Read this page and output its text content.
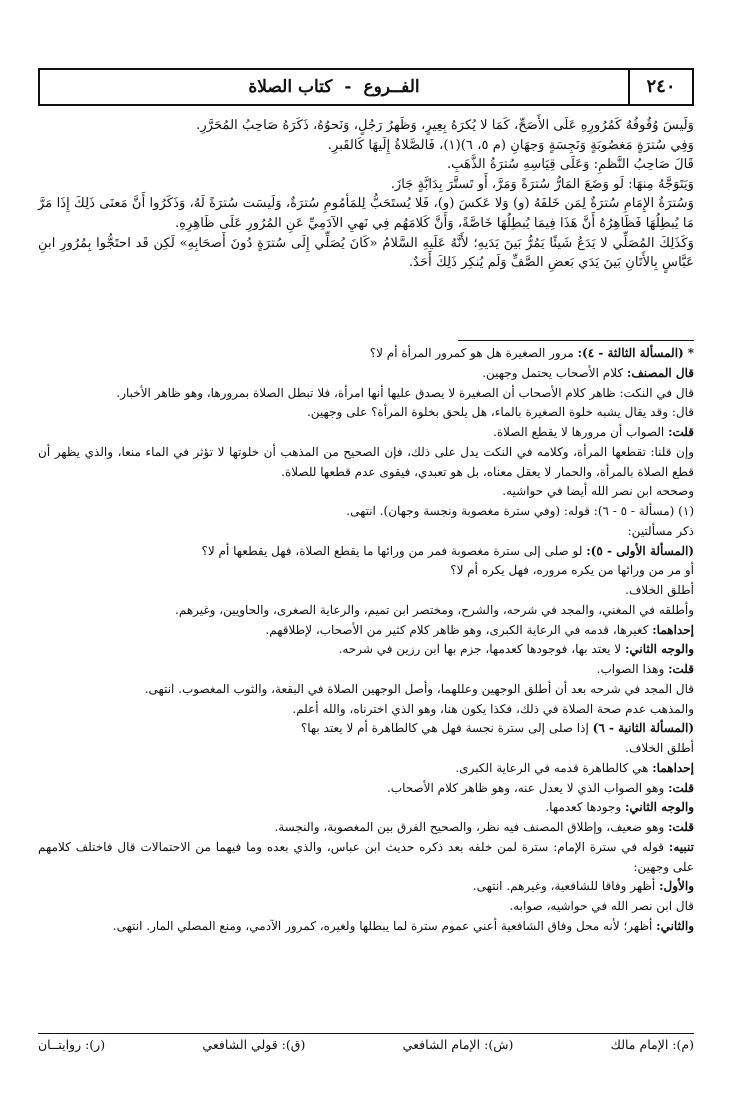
٢٤٠
الفــروع-كتاب الصلاة

وَلَيسَ وُقُوفُهُ كَمُرُورِهِ عَلَى الأَصَحِّ، كَمَا لا يُكرَهُ بِعِيرٍ، وَظَهرُ رَجُلٍ، وَنَحوُهُ، ذَكَرَهُ صَاحِبُ المُحَرَّرِ.

وَفِي سُترَةٍ مَغصُوبَةٍ وَنَجِسَةٍ وَجهَانِ (م ٥، ٦)(١)، فَالصَّلاةُ إِلَيهَا كَالقَبرِ.

قَالَ صَاحِبُ النَّظمِ: وَعَلَى قِيَاسِهِ سُترَةُ الذَّهَبِ.

وَيَتَوَجَّهُ مِنهَا: لَو وَضَعَ المَارُّ سُترَةً وَمَرَّ، أَو تَستَّرَ بِدَابَّةٍ جَازَ.

وَسُترَةُ الإِمَامِ سُترَةٌ لِمَن خَلفَهُ (و) وَلا عَكسَ (و)، فَلا يُستَحَبُّ لِلمَأمُومِ سُترَةٌ، وَلَيسَت سُترَةً لَهُ، وَذَكَرُوا أَنَّ مَعنَى ذَلِكَ إِذَا مَرَّ مَا يُبطِلُهَا فَظَاهِرُهُ أَنَّ هَذَا فِيمَا يُبطِلُهَا خَاصَّةً، وَأَنَّ كَلامَهُم فِي نَهيِ الآدَمِيِّ عَنِ المُرُورِ عَلَى ظَاهِرِهِ.

وَكَذَلِكَ المُصَلِّي لا يَدَعُ شَيئًا يَمُرُّ بَينَ يَدَيهِ؛ لأَنَّهُ عَلَيهِ السَّلامُ «كَانَ يُصَلِّي إِلَى سُترَةٍ دُونَ أَصحَابِهِ» لَكِن قَد احتَجُّوا بِمُرُورِ ابنِ عَبَّاسٍ بِالأَتَانِ بَينَ يَدَي بَعضِ الصَّفِّ وَلَم يُنكِر ذَلِكَ أَحَدٌ.

*(المسألة الثالثة - ٤): مرور الصغيرة هل هو كمرور المرأة أم لا؟

قال المصنف: كلام الأصحاب يحتمل وجهين.

قال في النكت: ظاهر كلام الأصحاب أن الصغيرة لا يصدق عليها أنها امرأة، فلا تبطل الصلاة بمرورها، وهو ظاهر الأخبار.

قال: وقد يقال يشبه خلوة الصغيرة بالماء، هل يلحق بخلوة المرأة؟ على وجهين.

قلت: الصواب أن مرورها لا يقطع الصلاة.

وإن قلنا: تقطعها المرأة، وكلامه في النكت يدل على ذلك، فإن الصحيح من المذهب أن خلوتها لا تؤثر في الماء منعا، والذي يظهر أن قطع الصلاة بالمرأة، والحمار لا يعقل معناه، بل هو تعبدي، فيقوى عدم قطعها للصلاة.

وصححه ابن نصر الله أيضا في حواشيه.

(١) (مسألة - ٥ - ٦): قوله: (وفي سترة مغصوبة ونجسة وجهان). انتهى.

ذكر مسألتين:

(المسألة الأولى - ٥): لو صلى إلى سترة مغصوبة فمر من ورائها ما يقطع الصلاة، فهل يقطعها أم لا؟

أو مر من ورائها من يكره مروره، فهل يكره أم لا؟

أطلق الخلاف.

وأطلقه في المغني، والمجد في شرحه، والشرح، ومختصر ابن تميم، والرعاية الصغرى، والحاويين، وغيرهم.

إحداهما: كغيرها، قدمه في الرعاية الكبرى، وهو ظاهر كلام كثير من الأصحاب، لإطلاقهم.

والوجه الثاني: لا يعتد بها، فوجودها كعدمها، جزم بها ابن رزين في شرحه.

قلت: وهذا الصواب.

قال المجد في شرحه بعد أن أطلق الوجهين وعللهما، وأصل الوجهين الصلاة في البقعة، والثوب المغصوب. انتهى.

والمذهب عدم صحة الصلاة في ذلك، فكذا يكون هنا، وهو الذي اخترناه، والله أعلم.

(المسألة الثانية - ٦) إذا صلى إلى سترة نجسة فهل هي كالطاهرة أم لا يعتد بها؟

أطلق الخلاف.

إحداهما: هي كالطاهرة قدمه في الرعاية الكبرى.

قلت: وهو الصواب الذي لا يعدل عنه، وهو ظاهر كلام الأصحاب.

والوجه الثاني: وجودها كعدمها.

قلت: وهو ضعيف، وإطلاق المصنف فيه نظر، والصحيح الفرق بين المغصوبة، والنجسة.

تنبيه: قوله في سترة الإمام: سترة لمن خلفه بعد ذكره حديث ابن عباس، والذي بعده وما فيهما من الاحتمالات قال فاختلف كلامهم على وجهين:

والأول: أظهر وفاقا للشافعية، وغيرهم. انتهى.

قال ابن نصر الله في حواشيه، صوابه.

والثاني: أظهر؛ لأنه محل وفاق الشافعية أعني عموم سترة لما يبطلها ولغيره، كمرور الآدمي، ومنع المصلي المار. انتهى.

(م): الإمام مالك
(ش): الإمام الشافعي
(ق): قولي الشافعي
(ر): روايتــان
